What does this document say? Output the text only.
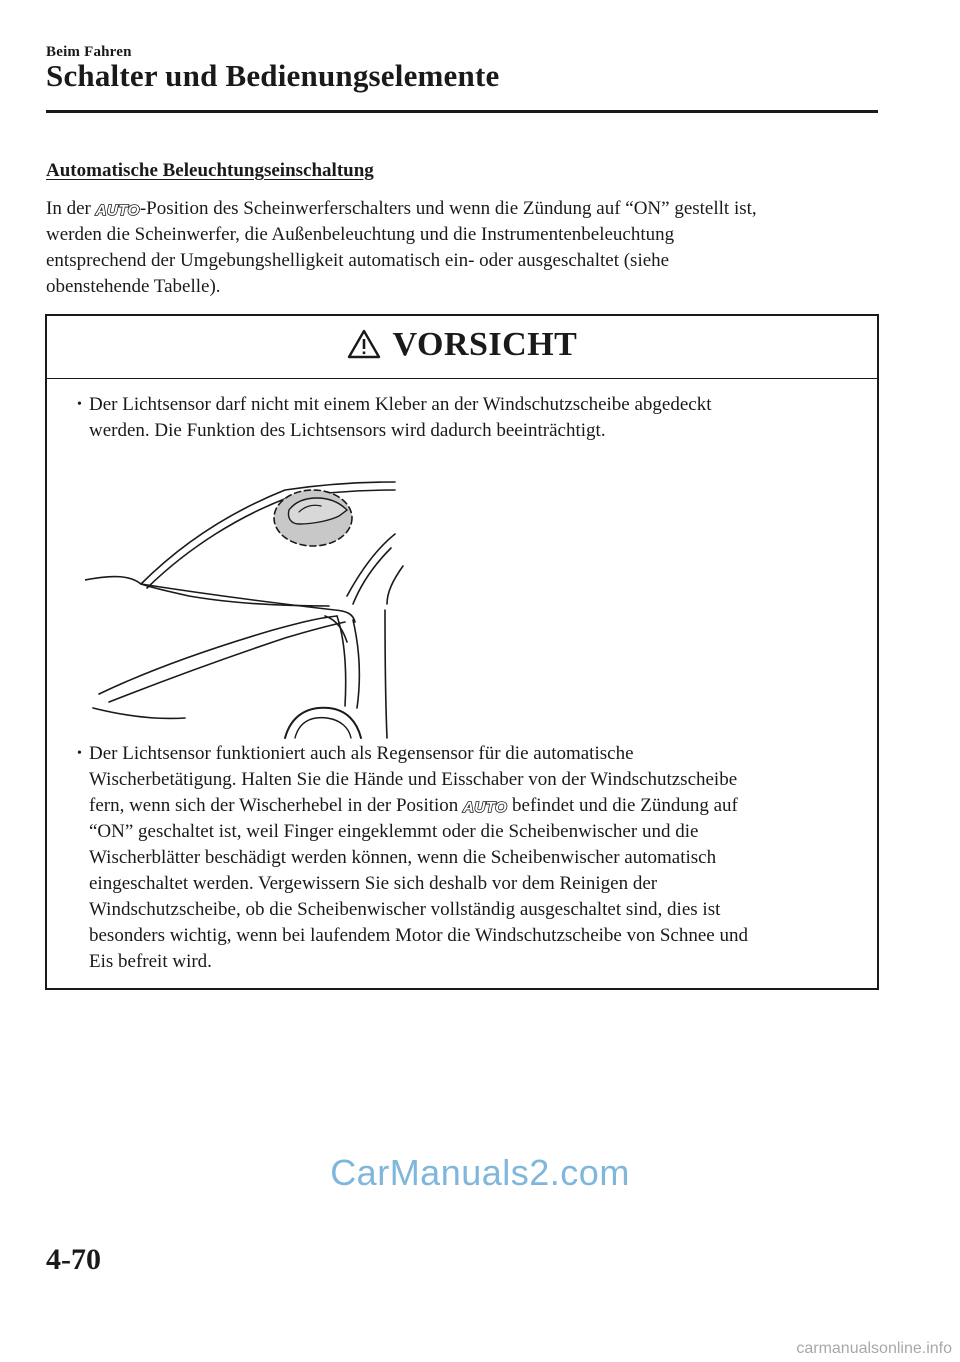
Beim Fahren
Schalter und Bedienungselemente
Automatische Beleuchtungseinschaltung
In der AUTO-Position des Scheinwerferschalters und wenn die Zündung auf “ON” gestellt ist,
werden die Scheinwerfer, die Außenbeleuchtung und die Instrumentenbeleuchtung
entsprechend der Umgebungshelligkeit automatisch ein- oder ausgeschaltet (siehe
obenstehende Tabelle).
VORSICHT
• Der Lichtsensor darf nicht mit einem Kleber an der Windschutzscheibe abgedeckt
werden. Die Funktion des Lichtsensors wird dadurch beeinträchtigt.
• Der Lichtsensor funktioniert auch als Regensensor für die automatische
Wischerbetätigung. Halten Sie die Hände und Eisschaber von der Windschutzscheibe
fern, wenn sich der Wischerhebel in der Position AUTO befindet und die Zündung auf
“ON” geschaltet ist, weil Finger eingeklemmt oder die Scheibenwischer und die
Wischerblätter beschädigt werden können, wenn die Scheibenwischer automatisch
eingeschaltet werden. Vergewissern Sie sich deshalb vor dem Reinigen der
Windschutzscheibe, ob die Scheibenwischer vollständig ausgeschaltet sind, dies ist
besonders wichtig, wenn bei laufendem Motor die Windschutzscheibe von Schnee und
Eis befreit wird.
CarManuals2.com
4-70
carmanualsonline.info
